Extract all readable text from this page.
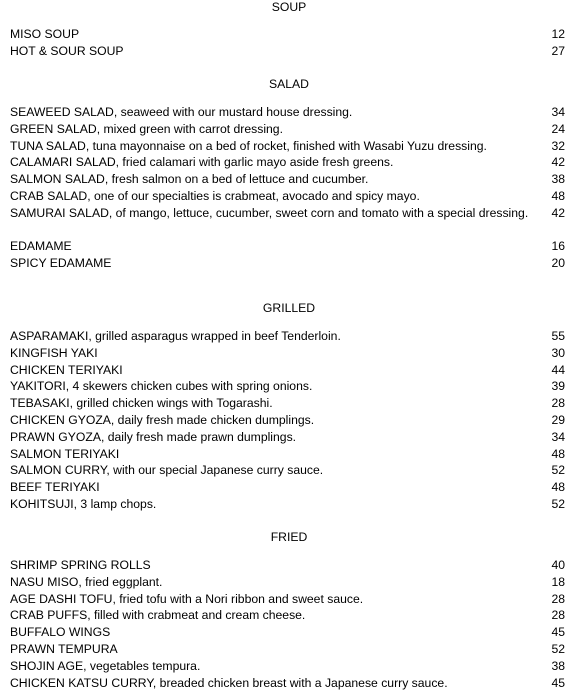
SOUP
MISO SOUP	12
HOT & SOUR SOUP	27
SALAD
SEAWEED SALAD, seaweed with our mustard house dressing.	34
GREEN SALAD, mixed green with carrot dressing.	24
TUNA SALAD, tuna mayonnaise on a bed of rocket, finished with Wasabi Yuzu dressing.	32
CALAMARI SALAD, fried calamari with garlic mayo aside fresh greens.	42
SALMON SALAD, fresh salmon on a bed of lettuce and cucumber.	38
CRAB SALAD, one of our specialties is crabmeat, avocado and spicy mayo.	48
SAMURAI SALAD, of mango, lettuce, cucumber, sweet corn and tomato with a special dressing. 42
EDAMAME	16
SPICY EDAMAME	20
GRILLED
ASPARAMAKI, grilled asparagus wrapped in beef Tenderloin.	55
KINGFISH YAKI	30
CHICKEN TERIYAKI	44
YAKITORI, 4 skewers chicken cubes with spring onions.	39
TEBASAKI, grilled chicken wings with Togarashi.	28
CHICKEN GYOZA, daily fresh made chicken dumplings.	29
PRAWN GYOZA, daily fresh made prawn dumplings.	34
SALMON TERIYAKI	48
SALMON CURRY, with our special Japanese curry sauce.	52
BEEF TERIYAKI	48
KOHITSUJI, 3 lamp chops.	52
FRIED
SHRIMP SPRING ROLLS	40
NASU MISO, fried eggplant.	18
AGE DASHI TOFU, fried tofu with a Nori ribbon and sweet sauce.	28
CRAB PUFFS, filled with crabmeat and cream cheese.	28
BUFFALO WINGS	45
PRAWN TEMPURA	52
SHOJIN AGE, vegetables tempura.	38
CHICKEN KATSU CURRY, breaded chicken breast with a Japanese curry sauce.	45
